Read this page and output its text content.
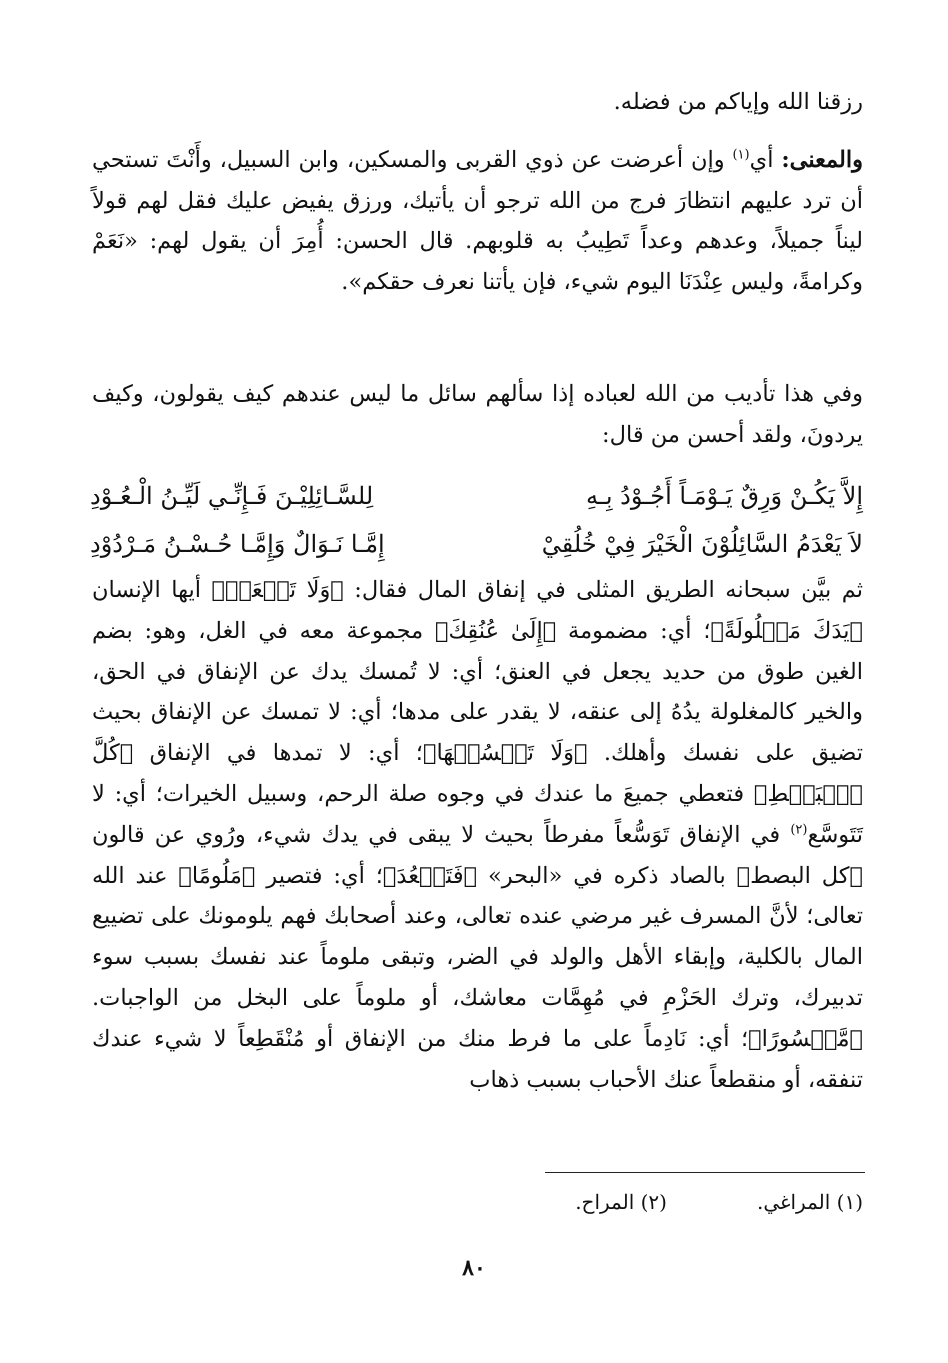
رزقنا الله وإياكم من فضله.
والمعنى: أي$^{(١)}$ وإن أعرضت عن ذوي القربى والمسكين، وابن السبيل، وأَنْتَ تستحي أن ترد عليهم انتظارَ فرج من الله ترجو أن يأتيك، ورزق يفيض عليك فقل لهم قولاً ليناً جميلاً، وعدهم وعداً تَطِيبُ به قلوبهم. قال الحسن: أُمِرَ أن يقول لهم: «نَعَمْ وكرامةً، وليس عِنْدَنَا اليوم شيء، فإن يأتنا نعرف حقكم».
وفي هذا تأديب من الله لعباده إذا سألهم سائل ما ليس عندهم كيف يقولون، وكيف يردونَ، ولقد أحسن من قال:
إِلاَّ يَكُـنْ وَرِقٌ يَـوْمَـاً أَجُـوْدُ بِـهِ
لِلسَّـائِلِيْـنَ فَـإِنِّـي لَيِّـنُ الْـعُـوْدِ
لاَ يَعْدَمُ السَّائِلُوْنَ الْخَيْرَ فِيْ خُلُقِيْ
إِمَّـا نَـوَالٌ وَإِمَّـا حُـسْـنُ مَـرْدُوْدِ
ثم بيَّن سبحانه الطريق المثلى في إنفاق المال فقال: ﴿وَلَا تَجۡعَلۡ﴾ أيها الإنسان ﴿يَدَكَ مَغۡلُولَةً﴾؛ أي: مضمومة ﴿إِلَىٰ عُنُقِكَ﴾ مجموعة معه في الغل، وهو: بضم الغين طوق من حديد يجعل في العنق؛ أي: لا تُمسك يدك عن الإنفاق في الحق، والخير كالمغلولة يدُهُ إلى عنقه، لا يقدر على مدها؛ أي: لا تمسك عن الإنفاق بحيث تضيق على نفسك وأهلك. ﴿وَلَا تَبۡسُطۡهَا﴾؛ أي: لا تمدها في الإنفاق ﴿كُلَّ ٱلۡبَسۡطِ﴾ فتعطي جميعَ ما عندك في وجوه صلة الرحم، وسبيل الخيرات؛ أي: لا تَتَوسَّع$^{(٢)}$ في الإنفاق تَوَسُّعاً مفرطاً بحيث لا يبقى في يدك شيء، ورُوي عن قالون ﴿كل البصط﴾ بالصاد ذكره في «البحر» ﴿فَتَقۡعُدَ﴾؛ أي: فتصير ﴿مَلُومًا﴾ عند الله تعالى؛ لأنَّ المسرف غير مرضي عنده تعالى، وعند أصحابك فهم يلومونك على تضييع المال بالكلية، وإبقاء الأهل والولد في الضر، وتبقى ملوماً عند نفسك بسبب سوء تدبيرك، وترك الحَزْمِ في مُهِمَّات معاشك، أو ملوماً على البخل من الواجبات. ﴿مَّحۡسُورًا﴾؛ أي: نَادِماً على ما فرط منك من الإنفاق أو مُنْقَطِعاً لا شيء عندك تنفقه، أو منقطعاً عنك الأحباب بسبب ذهاب
(١) المراغي.
(٢) المراح.
٨٠
